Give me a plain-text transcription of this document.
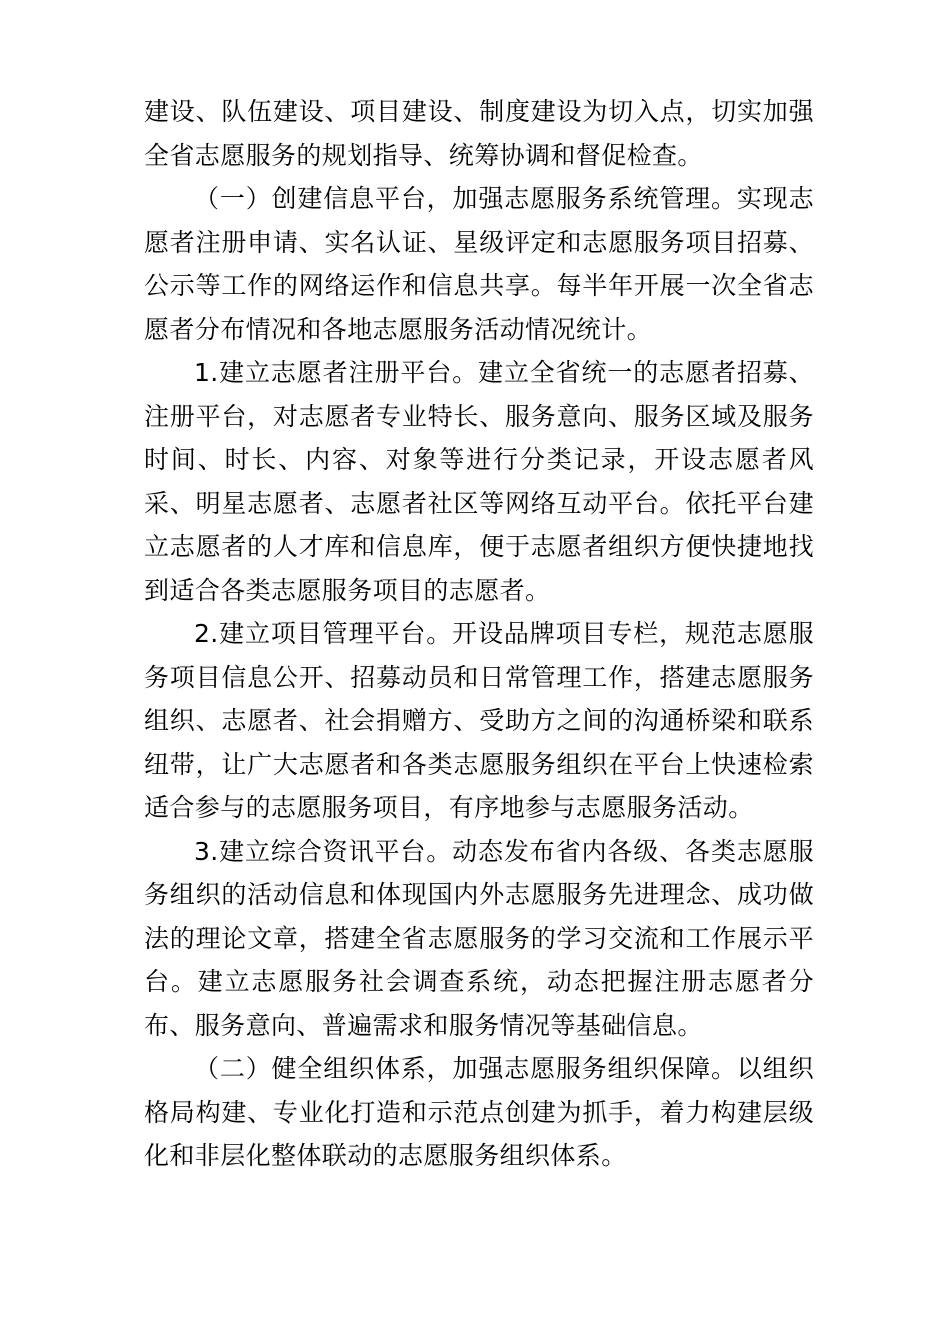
建设、队伍建设、项目建设、制度建设为切入点，切实加强全省志愿服务的规划指导、统筹协调和督促检查。

（一）创建信息平台，加强志愿服务系统管理。实现志愿者注册申请、实名认证、星级评定和志愿服务项目招募、公示等工作的网络运作和信息共享。每半年开展一次全省志愿者分布情况和各地志愿服务活动情况统计。

1.建立志愿者注册平台。建立全省统一的志愿者招募、注册平台，对志愿者专业特长、服务意向、服务区域及服务时间、时长、内容、对象等进行分类记录，开设志愿者风采、明星志愿者、志愿者社区等网络互动平台。依托平台建立志愿者的人才库和信息库，便于志愿者组织方便快捷地找到适合各类志愿服务项目的志愿者。

2.建立项目管理平台。开设品牌项目专栏，规范志愿服务项目信息公开、招募动员和日常管理工作，搭建志愿服务组织、志愿者、社会捐赠方、受助方之间的沟通桥梁和联系纽带，让广大志愿者和各类志愿服务组织在平台上快速检索适合参与的志愿服务项目，有序地参与志愿服务活动。

3.建立综合资讯平台。动态发布省内各级、各类志愿服务组织的活动信息和体现国内外志愿服务先进理念、成功做法的理论文章，搭建全省志愿服务的学习交流和工作展示平台。建立志愿服务社会调查系统，动态把握注册志愿者分布、服务意向、普遍需求和服务情况等基础信息。

（二）健全组织体系，加强志愿服务组织保障。以组织格局构建、专业化打造和示范点创建为抓手，着力构建层级化和非层化整体联动的志愿服务组织体系。
